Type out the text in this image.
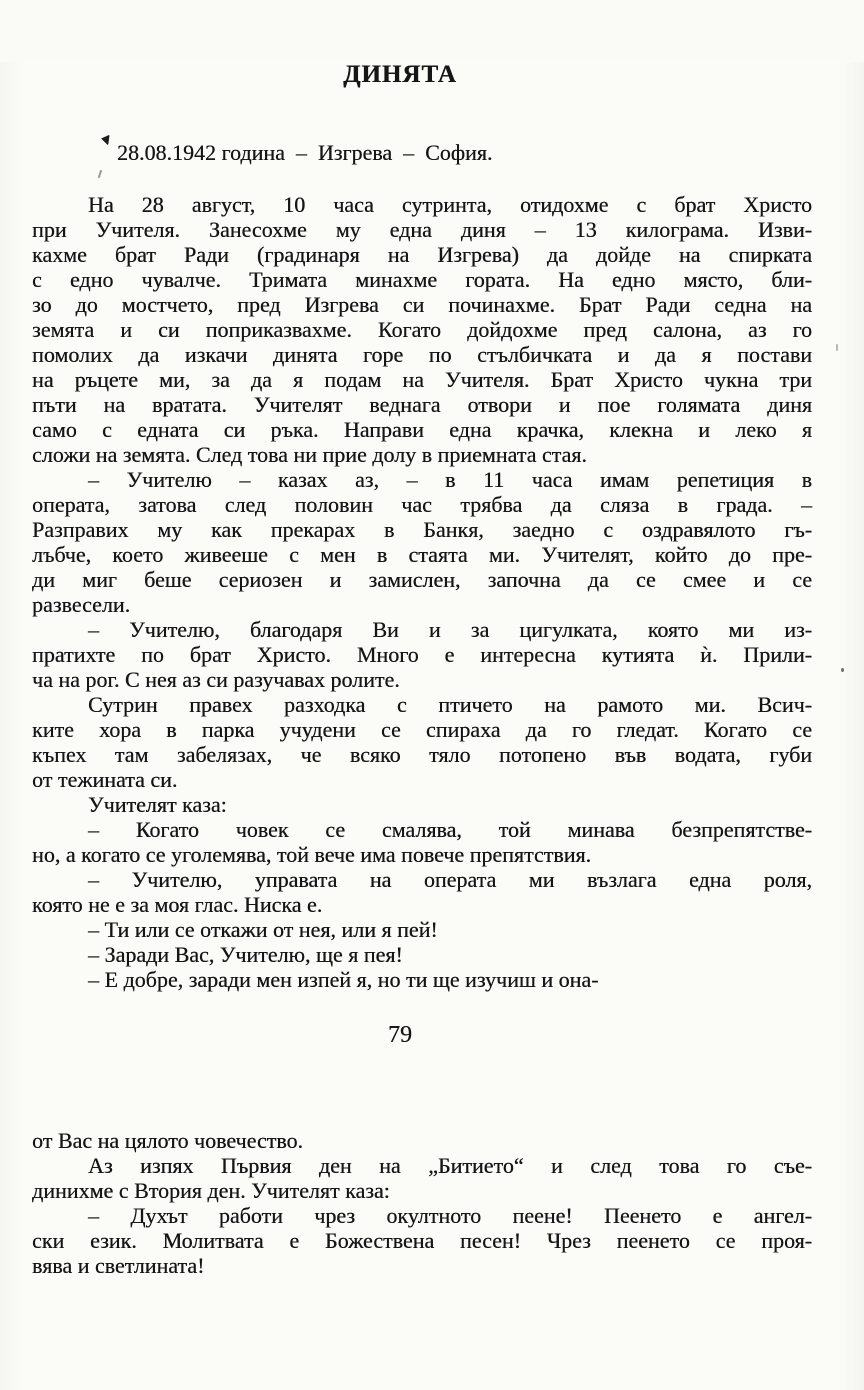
ДИНЯТА
28.08.1942 година  –  Изгрева  –  София.
На 28 август, 10 часа сутринта, отидохме с брат Христо
при Учителя. Занесохме му една диня – 13 килограма. Изви-
кахме брат Ради (градинаря на Изгрева) да дойде на спирката
с едно чувалче. Тримата минахме гората. На едно място, бли-
зо до мостчето, пред Изгрева си починахме. Брат Ради седна на
земята и си поприказвахме. Когато дойдохме пред салона, аз го
помолих да изкачи динята горе по стълбичката и да я постави
на ръцете ми, за да я подам на Учителя. Брат Христо чукна три
пъти на вратата. Учителят веднага отвори и пое голямата диня
само с едната си ръка. Направи една крачка, клекна и леко я
сложи на земята. След това ни прие долу в приемната стая.
– Учителю – казах аз, – в 11 часа имам репетиция в
операта, затова след половин час трябва да сляза в града. –
Разправих му как прекарах в Банкя, заедно с оздравялото гъ-
лъбче, което живееше с мен в стаята ми. Учителят, който до пре-
ди миг беше сериозен и замислен, започна да се смее и се
развесели.
– Учителю, благодаря Ви и за цигулката, която ми из-
пратихте по брат Христо. Много е интересна кутията ѝ. Прили-
ча на рог. С нея аз си разучавах ролите.
Сутрин правех разходка с птичето на рамото ми. Всич-
ките хора в парка учудени се спираха да го гледат. Когато се
къпех там забелязах, че всяко тяло потопено във водата, губи
от тежината си.
Учителят каза:
– Когато човек се смалява, той минава безпрепятстве-
но, а когато се уголемява, той вече има повече препятствия.
– Учителю, управата на операта ми възлага една роля,
която не е за моя глас. Ниска е.
– Ти или се откажи от нея, или я пей!
– Заради Вас, Учителю, ще я пея!
– Е добре, заради мен изпей я, но ти ще изучиш и она-
79
от Вас на цялото човечество.
Аз изпях Първия ден на „Битието“ и след това го съе-
динихме с Втория ден. Учителят каза:
– Духът работи чрез окултното пеене! Пеенето е ангел-
ски език. Молитвата е Божествена песен! Чрез пеенето се проя-
вява и светлината!
